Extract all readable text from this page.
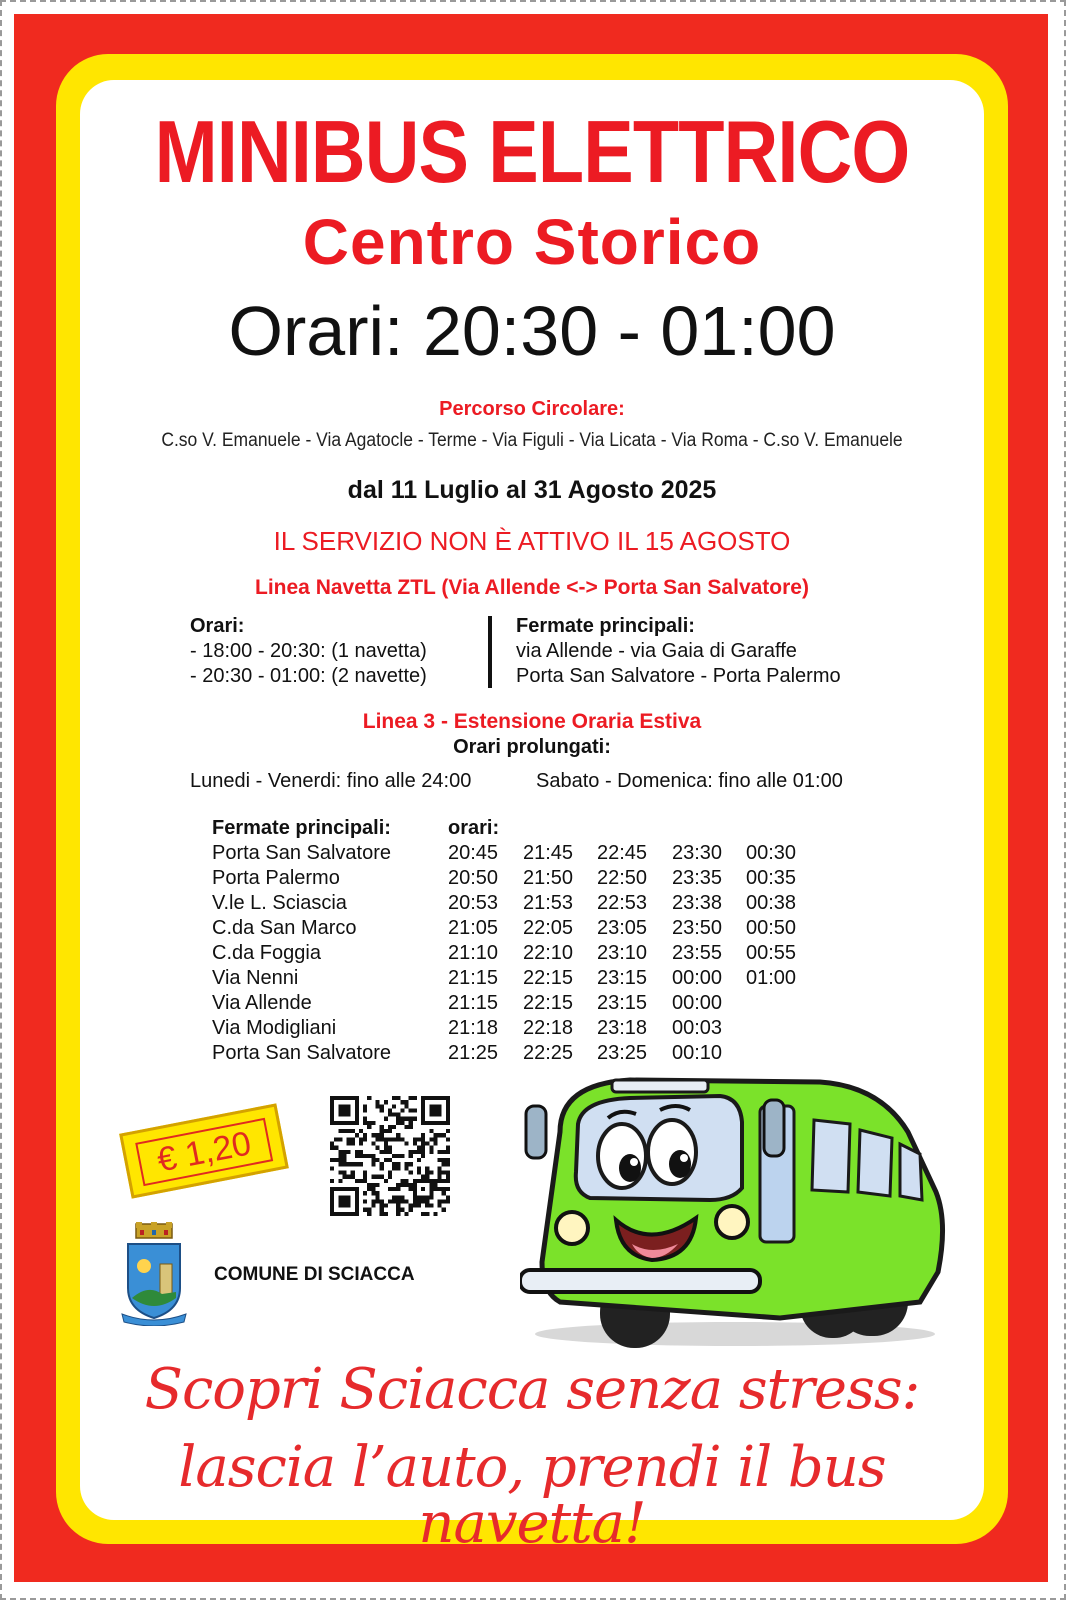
MINIBUS ELETTRICO
Centro Storico
Orari: 20:30 - 01:00
Percorso Circolare:
C.so V. Emanuele - Via Agatocle - Terme - Via Figuli - Via Licata - Via Roma - C.so V. Emanuele
dal 11 Luglio al 31 Agosto 2025
IL SERVIZIO NON È ATTIVO IL 15 AGOSTO
Linea Navetta ZTL (Via Allende <-> Porta San Salvatore)
Orari:
- 18:00 - 20:30: (1 navetta)
- 20:30 - 01:00: (2 navette)
Fermate principali:
via Allende - via Gaia di Garaffe
Porta San Salvatore - Porta Palermo
Linea 3 - Estensione Oraria Estiva
Orari prolungati:
Lunedi - Venerdi: fino alle 24:00	Sabato - Domenica: fino alle 01:00
Fermate principali:	orari:				
Porta San Salvatore	20:45	21:45	22:45	23:30	00:30
Porta Palermo	20:50	21:50	22:50	23:35	00:35
V.le L. Sciascia	20:53	21:53	22:53	23:38	00:38
C.da San Marco	21:05	22:05	23:05	23:50	00:50
C.da Foggia	21:10	22:10	23:10	23:55	00:55
Via Nenni	21:15	22:15	23:15	00:00	01:00
Via Allende	21:15	22:15	23:15	00:00	
Via Modigliani	21:18	22:18	23:18	00:03	
Porta San Salvatore	21:25	22:25	23:25	00:10	
€ 1,20
COMUNE DI SCIACCA
Scopri Sciacca senza stress:
lascia l’auto, prendi il bus navetta!
